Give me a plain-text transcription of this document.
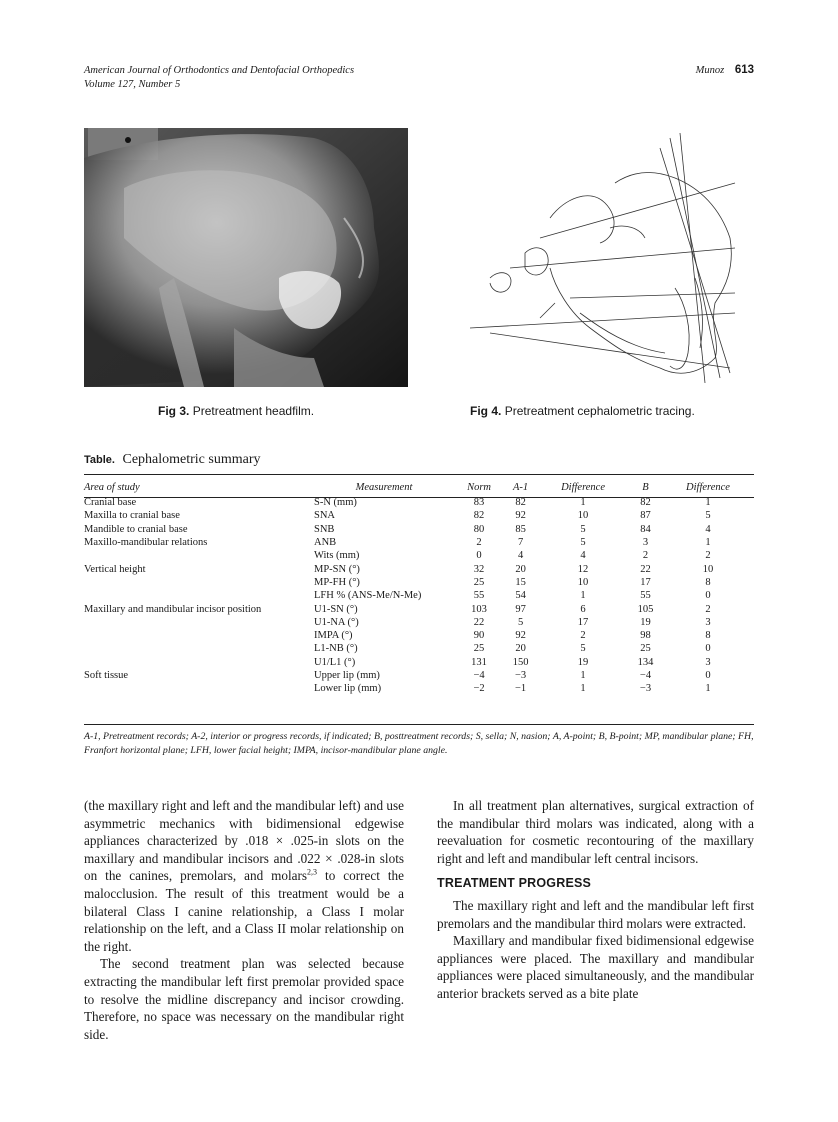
American Journal of Orthodontics and Dentofacial Orthopedics
Volume 127, Number 5
Munoz 613
Fig 3. Pretreatment headfilm.	Fig 4. Pretreatment cephalometric tracing.
Table. Cephalometric summary
Area of study	Measurement	Norm	A-1	Difference	B	Difference
Cranial base	S-N (mm)	83	82	1	82	1
Maxilla to cranial base	SNA	82	92	10	87	5
Mandible to cranial base	SNB	80	85	5	84	4
Maxillo-mandibular relations	ANB	2	7	5	3	1
	Wits (mm)	0	4	4	2	2
Vertical height	MP-SN (°)	32	20	12	22	10
	MP-FH (°)	25	15	10	17	8
	LFH % (ANS-Me/N-Me)	55	54	1	55	0
Maxillary and mandibular incisor position	U1-SN (°)	103	97	6	105	2
	U1-NA (°)	22	5	17	19	3
	IMPA (°)	90	92	2	98	8
	L1-NB (°)	25	20	5	25	0
	U1/L1 (°)	131	150	19	134	3
Soft tissue	Upper lip (mm)	−4	−3	1	−4	0
	Lower lip (mm)	−2	−1	1	−3	1
A-1, Pretreatment records; A-2, interior or progress records, if indicated; B, posttreatment records; S, sella; N, nasion; A, A-point; B, B-point; MP, mandibular plane; FH, Franfort horizontal plane; LFH, lower facial height; IMPA, incisor-mandibular plane angle.

(the maxillary right and left and the mandibular left) and use asymmetric mechanics with bidimensional edgewise appliances characterized by .018 × .025-in slots on the maxillary and mandibular incisors and .022 × .028-in slots on the canines, premolars, and molars$^{2,3}$ to correct the malocclusion. The result of this treatment would be a bilateral Class I canine relationship, a Class I molar relationship on the left, and a Class II molar relationship on the right.

The second treatment plan was selected because extracting the mandibular left first premolar provided space to resolve the midline discrepancy and incisor crowding. Therefore, no space was necessary on the mandibular right side.

In all treatment plan alternatives, surgical extraction of the mandibular third molars was indicated, along with a reevaluation for cosmetic recontouring of the maxillary right and left and mandibular left central incisors.

TREATMENT PROGRESS

The maxillary right and left and the mandibular left first premolars and the mandibular third molars were extracted.

Maxillary and mandibular fixed bidimensional edgewise appliances were placed. The maxillary and mandibular appliances were placed simultaneously, and the mandibular anterior brackets served as a bite plate
